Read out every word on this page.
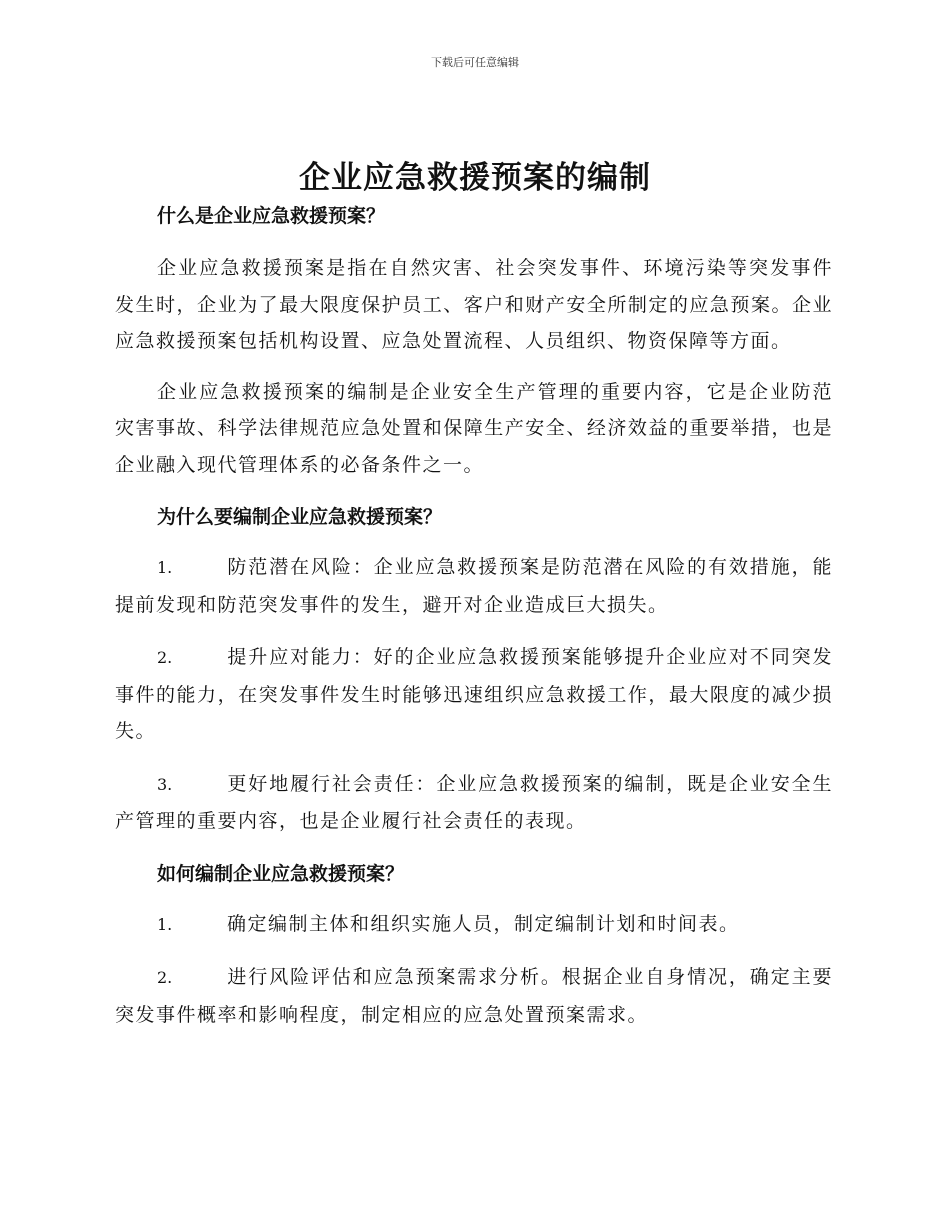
下载后可任意编辑
企业应急救援预案的编制
什么是企业应急救援预案？

企业应急救援预案是指在自然灾害、社会突发事件、环境污染等突发事件发生时，企业为了最大限度保护员工、客户和财产安全所制定的应急预案。企业应急救援预案包括机构设置、应急处置流程、人员组织、物资保障等方面。

企业应急救援预案的编制是企业安全生产管理的重要内容，它是企业防范灾害事故、科学法律规范应急处置和保障生产安全、经济效益的重要举措，也是企业融入现代管理体系的必备条件之一。

为什么要编制企业应急救援预案？

1.	防范潜在风险：企业应急救援预案是防范潜在风险的有效措施，能提前发现和防范突发事件的发生，避开对企业造成巨大损失。

2.	提升应对能力：好的企业应急救援预案能够提升企业应对不同突发事件的能力，在突发事件发生时能够迅速组织应急救援工作，最大限度的减少损失。

3.	更好地履行社会责任：企业应急救援预案的编制，既是企业安全生产管理的重要内容，也是企业履行社会责任的表现。

如何编制企业应急救援预案？

1.	确定编制主体和组织实施人员，制定编制计划和时间表。

2.	进行风险评估和应急预案需求分析。根据企业自身情况，确定主要突发事件概率和影响程度，制定相应的应急处置预案需求。
